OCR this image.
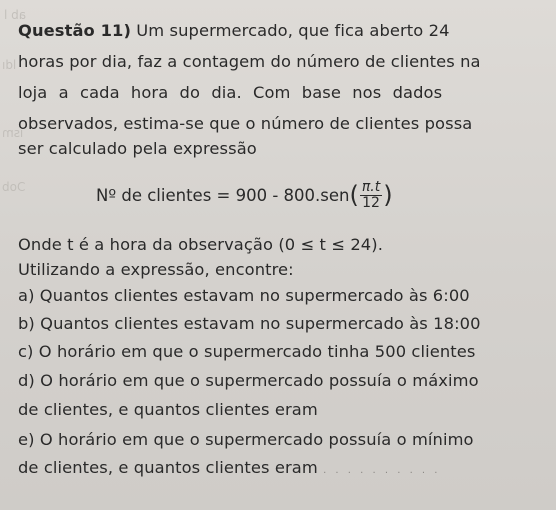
ab l
ldı
ısm
Ɔob
Questão 11) Um supermercado, que fica aberto 24
horas por dia, faz a contagem do número de clientes na
loja a cada hora do dia. Com base nos dados
observados, estima-se que o número de clientes possa
ser calculado pela expressão
Nº de clientes = 900 - 800.sen ( $\frac{\pi.t}{12}$ )
Onde t é a hora da observação (0 ≤ t ≤ 24).
Utilizando a expressão, encontre:
a) Quantos clientes estavam no supermercado às 6:00
b) Quantos clientes estavam no supermercado às 18:00
c) O horário em que o supermercado tinha 500 clientes
d) O horário em que o supermercado possuía o máximo
de clientes, e quantos clientes eram
e) O horário em que o supermercado possuía o mínimo
de clientes, e quantos clientes eram . . . . . . . . . .
